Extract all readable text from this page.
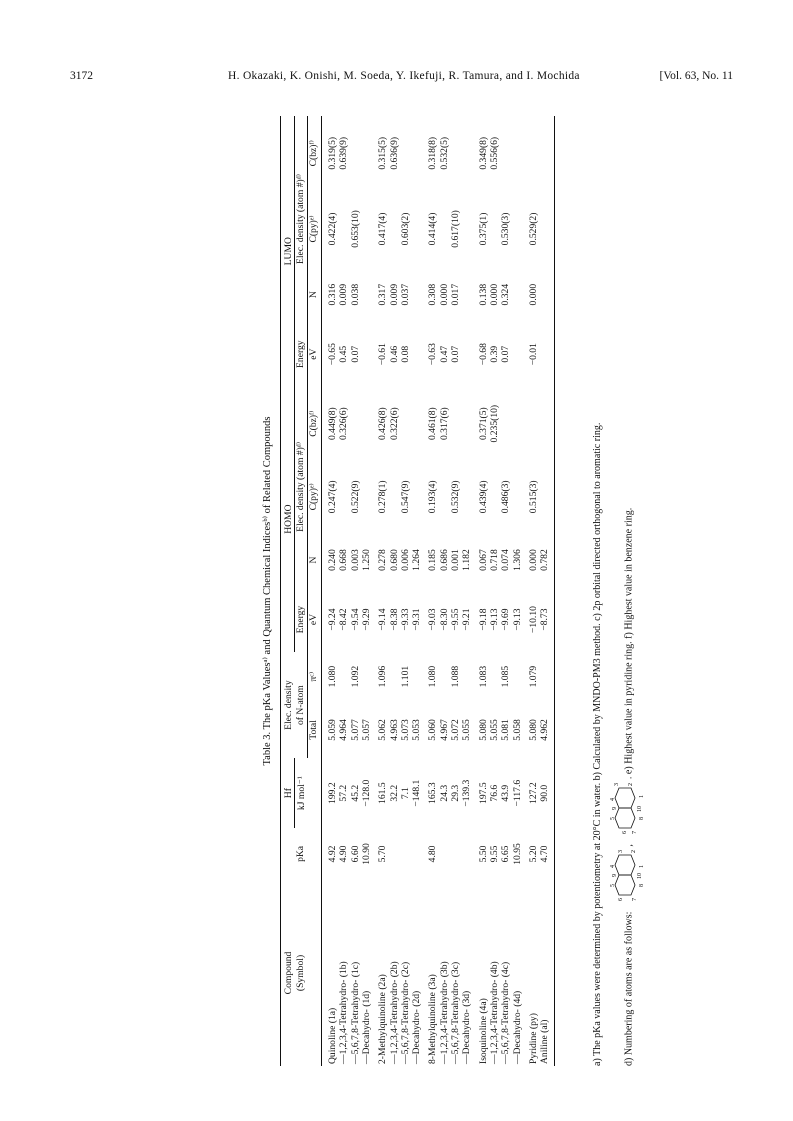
3172	H. Okazaki, K. Onishi, M. Soeda, Y. Ikefuji, R. Tamura, and I. Mochida	[Vol. 63, No. 11
Table 3. The pKa Valuesᵃ⁾ and Quantum Chemical Indicesᵇ⁾ of Related Compounds
Compound		Hf	Elec. density		HOMO				LUMO			
(Symbol)	pKa	kJ mol⁻¹	of N-atom		Energy	Elec. density (atom #)ᵈ⁾			Energy	Elec. density (atom #)ᵈ⁾		
			Total	πᶜ⁾	eV	N	C(py)ᵉ⁾	C(bz)ᶠ⁾	eV	N	C(py)ᵉ⁾	C(bz)ᶠ⁾
Quinoline (1a)	4.92	199.2	5.059	1.080	−9.24	0.240	0.247(4)	0.449(8)	−0.65	0.316	0.422(4)	0.319(5)
—1,2,3,4-Tetrahydro- (1b)	4.90	57.2	4.964		−8.42	0.668		0.326(6)	0.45	0.009		0.639(9)
—5,6,7,8-Tetrahydro- (1c)	6.60	45.2	5.077	1.092	−9.54	0.003	0.522(9)		0.07	0.038	0.653(10)	
—Decahydro- (1d)	10.90	−128.0	5.057		−9.29	1.250						
2-Methylquinoline (2a)	5.70	161.5	5.062	1.096	−9.14	0.278	0.278(1)	0.426(8)	−0.61	0.317	0.417(4)	0.315(5)
—1,2,3,4-Tetrahydro- (2b)		32.2	4.963		−8.38	0.680		0.322(6)	0.46	0.009		0.636(9)
—5,6,7,8-Tetrahydro- (2c)		7.1	5.073	1.101	−9.33	0.006	0.547(9)		0.08	0.037	0.603(2)	
—Decahydro- (2d)		−148.1	5.053		−9.31	1.264						
8-Methylquinoline (3a)	4.80	165.3	5.060	1.080	−9.03	0.185	0.193(4)	0.461(8)	−0.63	0.308	0.414(4)	0.318(8)
—1,2,3,4-Tetrahydro- (3b)		24.3	4.967		−8.30	0.686		0.317(6)	0.47	0.000		0.532(5)
—5,6,7,8-Tetrahydro- (3c)		29.3	5.072	1.088	−9.55	0.001	0.532(9)		0.07	0.017	0.617(10)	
—Decahydro- (3d)		−139.3	5.055		−9.21	1.182						
Isoquinoline (4a)	5.50	197.5	5.080	1.083	−9.18	0.067	0.439(4)	0.371(5)	−0.68	0.138	0.375(1)	0.349(8)
—1,2,3,4-Tetrahydro- (4b)	9.55	76.6	5.055		−9.13	0.718		0.235(10)	0.39	0.000		0.556(6)
—5,6,7,8-Tetrahydro- (4c)	6.65	43.9	5.081	1.085	−9.69	0.074	0.486(3)		0.07	0.324	0.530(3)	
—Decahydro- (4d)	10.95	−117.6	5.058		−9.13	1.306						
Pyridine (py)	5.20	127.2	5.080	1.079	−10.10	0.000	0.515(3)		−0.01	0.000	0.529(2)	
Aniline (al)	4.70	90.0	4.962		−8.73	0.782							a) The pKa values were determined by potentiometry at 20°C in water. b) Calculated by MNDO-PM3 method. c) 2p orbital directed orthogonal to aromatic ring.	d) Numbering of atoms are as follows:
5
9
4
6
3
7
2
8
10
1
,
5
9
4
3
6
2
7
8
10
1
. e) Highest value in pyridine ring. f) Highest value in benzene ring.
